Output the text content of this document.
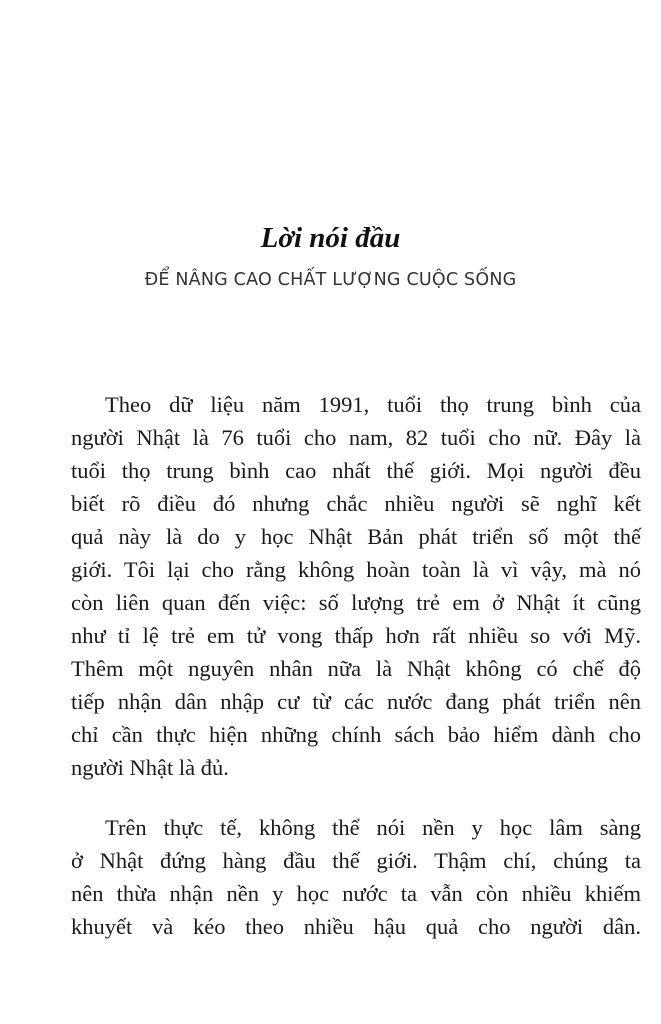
Lời nói đầu
ĐỂ NÂNG CAO CHẤT LƯỢNG CUỘC SỐNG
Theo dữ liệu năm 1991, tuổi thọ trung bình của
người Nhật là 76 tuổi cho nam, 82 tuổi cho nữ. Đây là
tuổi thọ trung bình cao nhất thế giới. Mọi người đều
biết rõ điều đó nhưng chắc nhiều người sẽ nghĩ kết
quả này là do y học Nhật Bản phát triển số một thế
giới. Tôi lại cho rằng không hoàn toàn là vì vậy, mà nó
còn liên quan đến việc: số lượng trẻ em ở Nhật ít cũng
như tỉ lệ trẻ em tử vong thấp hơn rất nhiều so với Mỹ.
Thêm một nguyên nhân nữa là Nhật không có chế độ
tiếp nhận dân nhập cư từ các nước đang phát triển nên
chỉ cần thực hiện những chính sách bảo hiểm dành cho
người Nhật là đủ.
Trên thực tế, không thể nói nền y học lâm sàng
ở Nhật đứng hàng đầu thế giới. Thậm chí, chúng ta
nên thừa nhận nền y học nước ta vẫn còn nhiều khiếm
khuyết và kéo theo nhiều hậu quả cho người dân.
